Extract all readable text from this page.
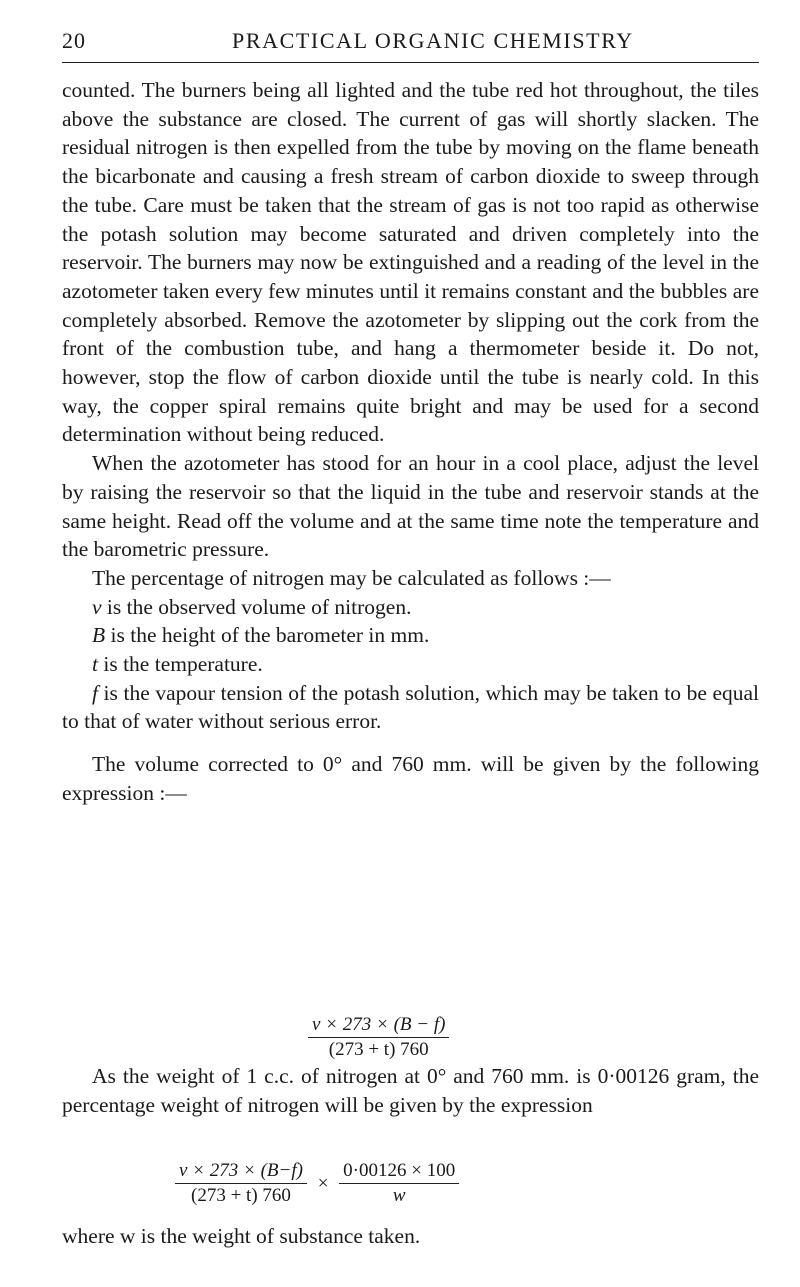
20	PRACTICAL ORGANIC CHEMISTRY

counted. The burners being all lighted and the tube red hot throughout, the tiles above the substance are closed. The current of gas will shortly slacken. The residual nitrogen is then expelled from the tube by moving on the flame beneath the bicarbonate and causing a fresh stream of carbon dioxide to sweep through the tube. Care must be taken that the stream of gas is not too rapid as otherwise the potash solution may become saturated and driven completely into the reservoir. The burners may now be extinguished and a reading of the level in the azotometer taken every few minutes until it remains constant and the bubbles are completely absorbed. Remove the azotometer by slipping out the cork from the front of the combustion tube, and hang a thermometer beside it. Do not, however, stop the flow of carbon dioxide until the tube is nearly cold. In this way, the copper spiral remains quite bright and may be used for a second determination without being reduced.

When the azotometer has stood for an hour in a cool place, adjust the level by raising the reservoir so that the liquid in the tube and reservoir stands at the same height. Read off the volume and at the same time note the temperature and the barometric pressure.

The percentage of nitrogen may be calculated as follows :—

v is the observed volume of nitrogen.

B is the height of the barometer in mm.

t is the temperature.

f is the vapour tension of the potash solution, which may be taken to be equal to that of water without serious error.

The volume corrected to 0° and 760 mm. will be given by the following expression :—

$\frac{v \times 273 \times (B - f)}{(273 + t) 760}$

As the weight of 1 c.c. of nitrogen at 0° and 760 mm. is 0·00126 gram, the percentage weight of nitrogen will be given by the expression

$\frac{v \times 273 \times (B-f)}{(273 + t) 760} \times \frac{0\cdot 00126 \times 100}{w}$

where w is the weight of substance taken.
